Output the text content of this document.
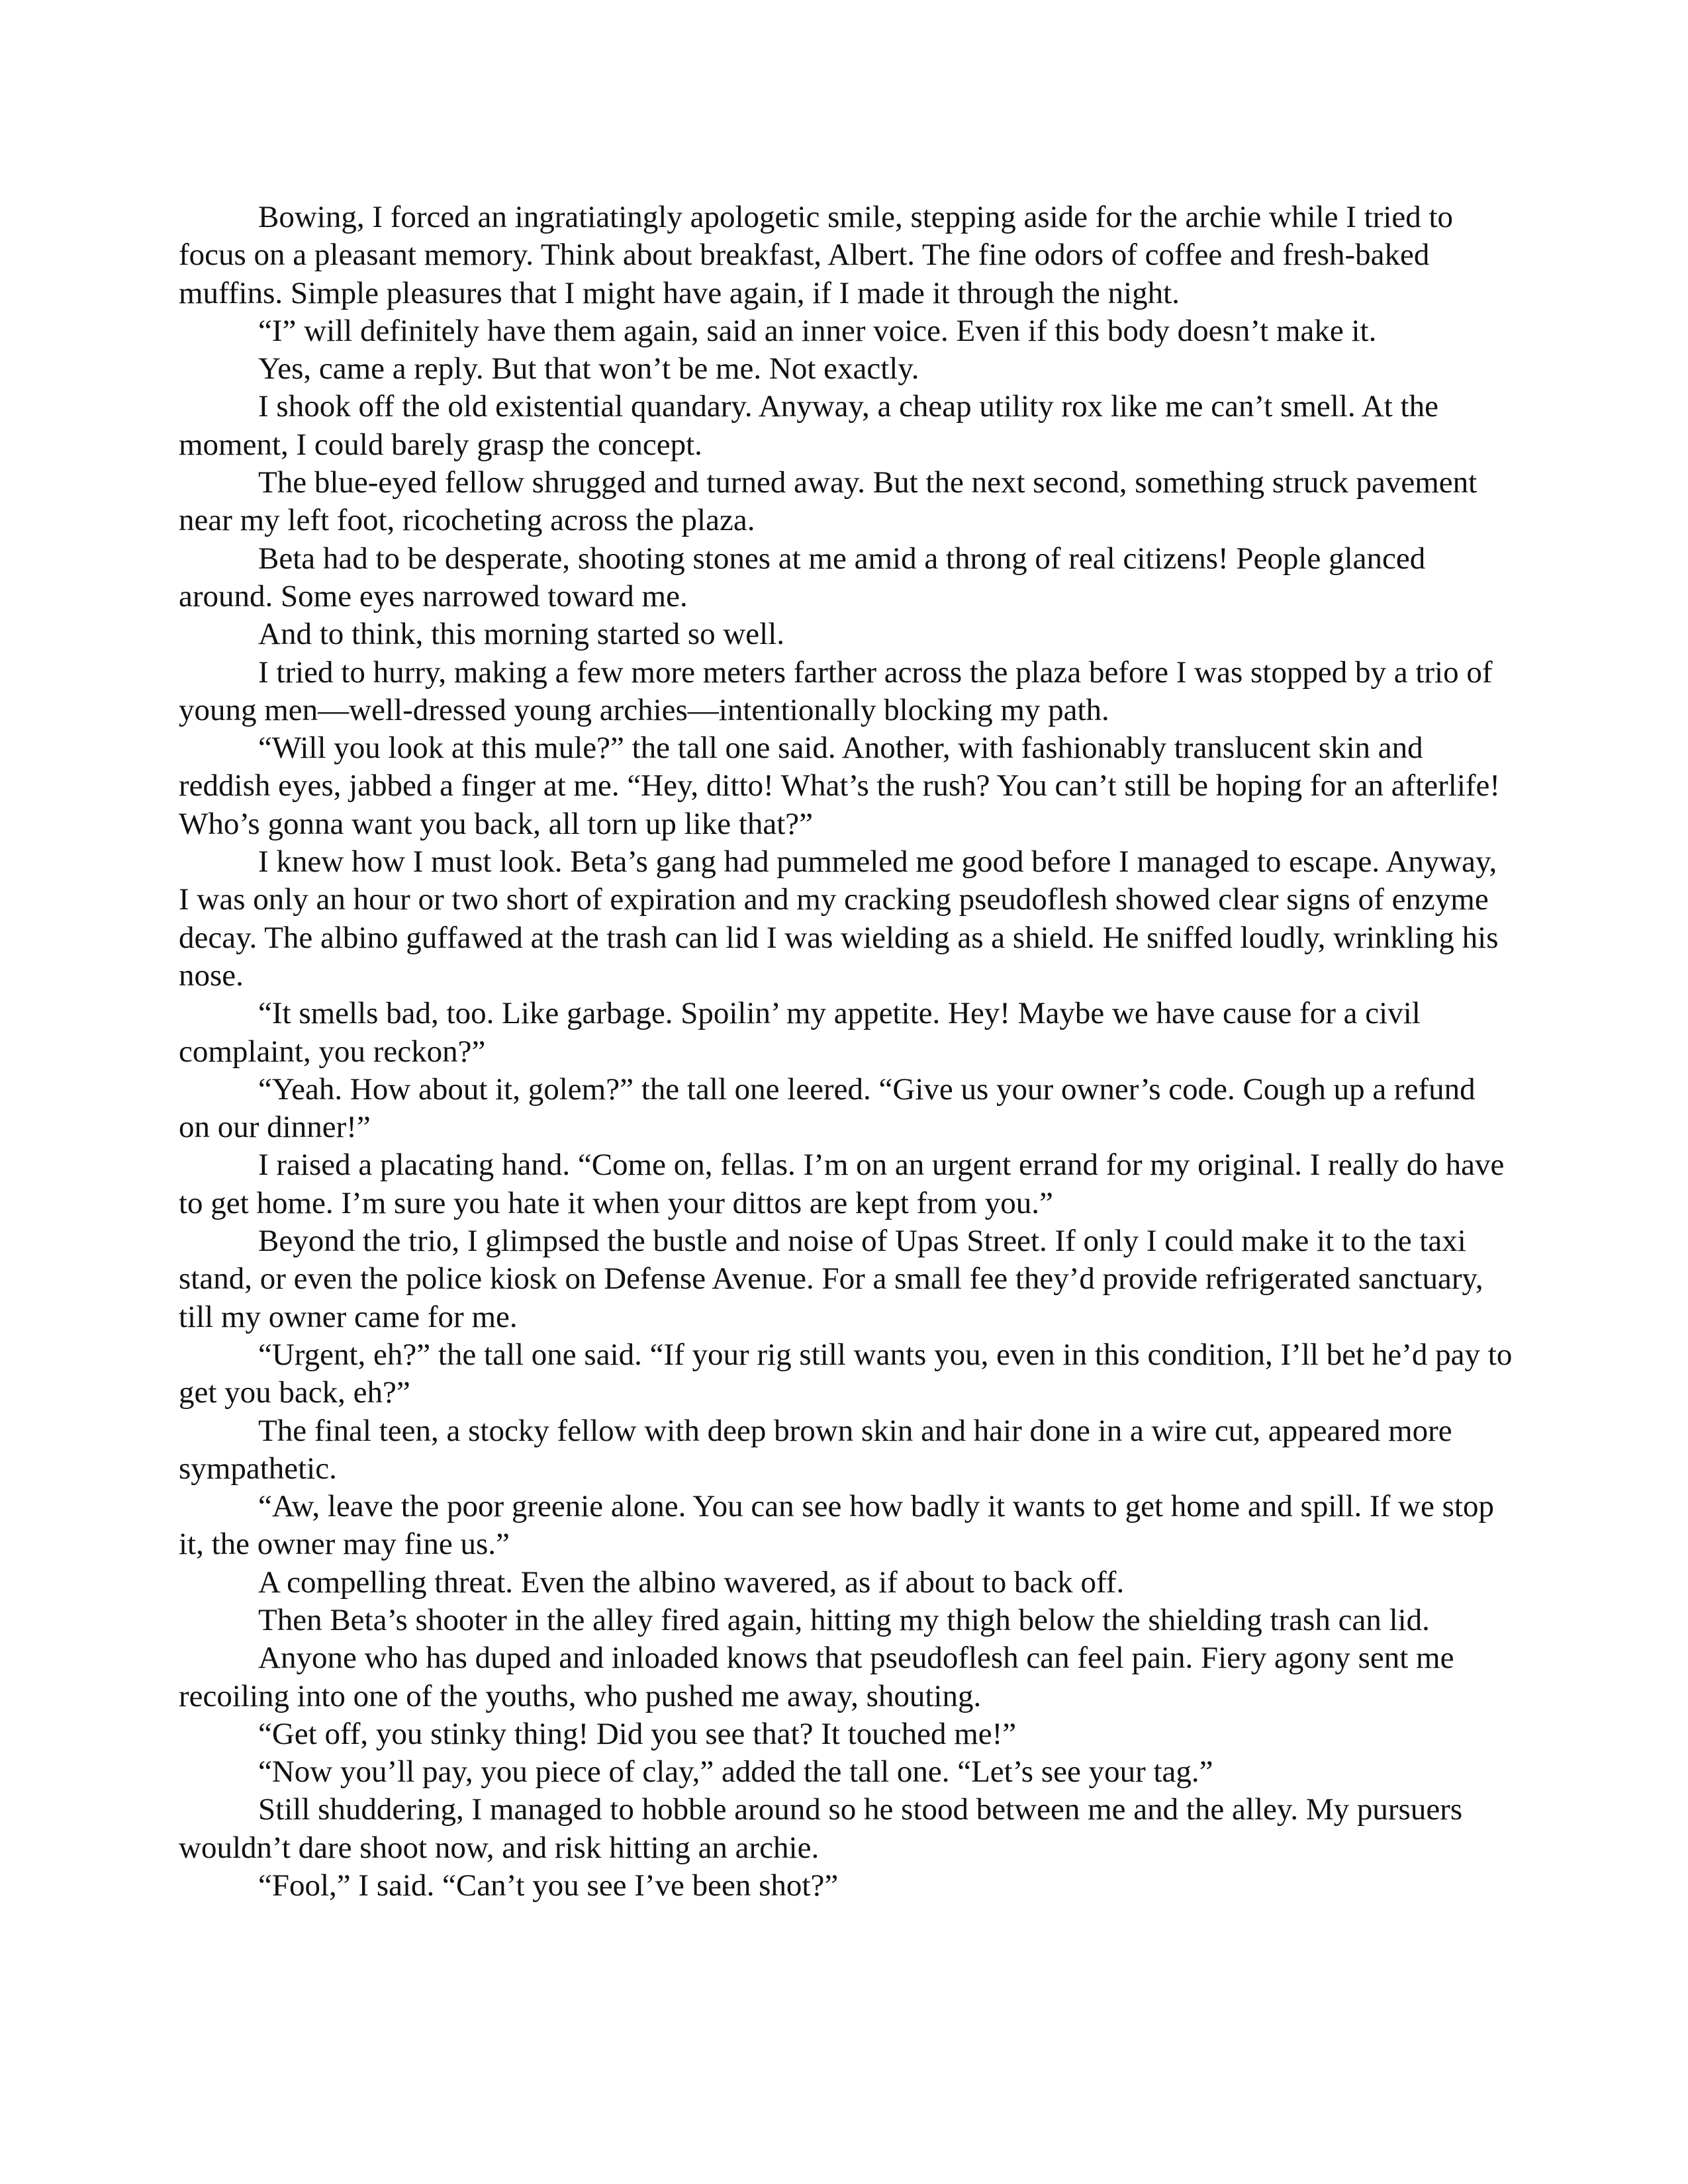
Bowing, I forced an ingratiatingly apologetic smile, stepping aside for the archie while I tried to focus on a pleasant memory. Think about breakfast, Albert. The fine odors of coffee and fresh-baked muffins. Simple pleasures that I might have again, if I made it through the night.

“I” will definitely have them again, said an inner voice. Even if this body doesn’t make it.

Yes, came a reply. But that won’t be me. Not exactly.

I shook off the old existential quandary. Anyway, a cheap utility rox like me can’t smell. At the moment, I could barely grasp the concept.

The blue-eyed fellow shrugged and turned away. But the next second, something struck pavement near my left foot, ricocheting across the plaza.

Beta had to be desperate, shooting stones at me amid a throng of real citizens! People glanced around. Some eyes narrowed toward me.

And to think, this morning started so well.

I tried to hurry, making a few more meters farther across the plaza before I was stopped by a trio of young men—well-dressed young archies—intentionally blocking my path.

“Will you look at this mule?” the tall one said. Another, with fashionably translucent skin and reddish eyes, jabbed a finger at me. “Hey, ditto! What’s the rush? You can’t still be hoping for an afterlife! Who’s gonna want you back, all torn up like that?”

I knew how I must look. Beta’s gang had pummeled me good before I managed to escape. Anyway, I was only an hour or two short of expiration and my cracking pseudoflesh showed clear signs of enzyme decay. The albino guffawed at the trash can lid I was wielding as a shield. He sniffed loudly, wrinkling his nose.

“It smells bad, too. Like garbage. Spoilin’ my appetite. Hey! Maybe we have cause for a civil complaint, you reckon?”

“Yeah. How about it, golem?” the tall one leered. “Give us your owner’s code. Cough up a refund on our dinner!”

I raised a placating hand. “Come on, fellas. I’m on an urgent errand for my original. I really do have to get home. I’m sure you hate it when your dittos are kept from you.”

Beyond the trio, I glimpsed the bustle and noise of Upas Street. If only I could make it to the taxi stand, or even the police kiosk on Defense Avenue. For a small fee they’d provide refrigerated sanctuary, till my owner came for me.

“Urgent, eh?” the tall one said. “If your rig still wants you, even in this condition, I’ll bet he’d pay to get you back, eh?”

The final teen, a stocky fellow with deep brown skin and hair done in a wire cut, appeared more sympathetic.

“Aw, leave the poor greenie alone. You can see how badly it wants to get home and spill. If we stop it, the owner may fine us.”

A compelling threat. Even the albino wavered, as if about to back off.

Then Beta’s shooter in the alley fired again, hitting my thigh below the shielding trash can lid.

Anyone who has duped and inloaded knows that pseudoflesh can feel pain. Fiery agony sent me recoiling into one of the youths, who pushed me away, shouting.

“Get off, you stinky thing! Did you see that? It touched me!”

“Now you’ll pay, you piece of clay,” added the tall one. “Let’s see your tag.”

Still shuddering, I managed to hobble around so he stood between me and the alley. My pursuers wouldn’t dare shoot now, and risk hitting an archie.

“Fool,” I said. “Can’t you see I’ve been shot?”
